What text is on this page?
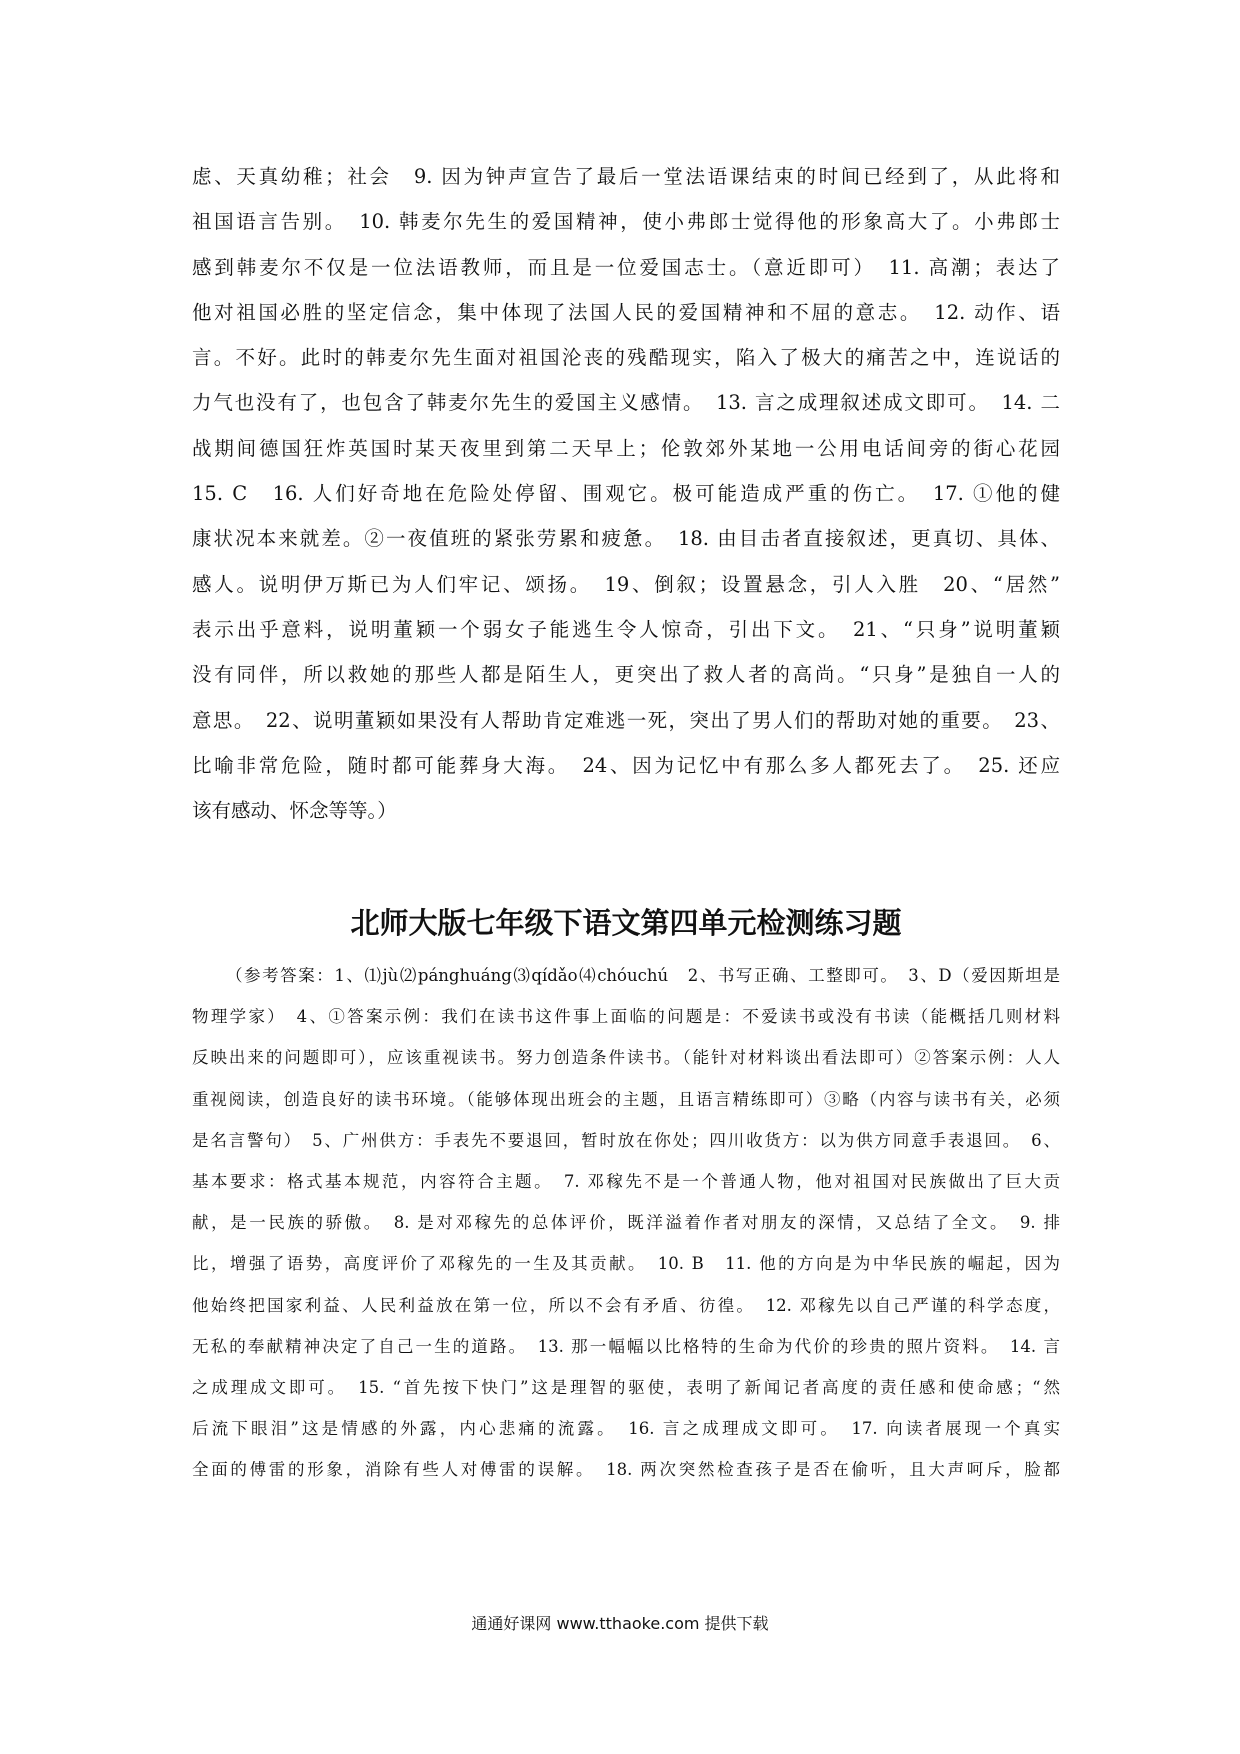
虑、天真幼稚；社会　9. 因为钟声宣告了最后一堂法语课结束的时间已经到了，从此将和
祖国语言告别。　10. 韩麦尔先生的爱国精神，使小弗郎士觉得他的形象高大了。小弗郎士
感到韩麦尔不仅是一位法语教师，而且是一位爱国志士。（意近即可）　11. 高潮；表达了
他对祖国必胜的坚定信念，集中体现了法国人民的爱国精神和不屈的意志。　12. 动作、语
言。不好。此时的韩麦尔先生面对祖国沦丧的残酷现实，陷入了极大的痛苦之中，连说话的
力气也没有了，也包含了韩麦尔先生的爱国主义感情。　13. 言之成理叙述成文即可。　14. 二
战期间德国狂炸英国时某天夜里到第二天早上；伦敦郊外某地一公用电话间旁的街心花园
15. C　16. 人们好奇地在危险处停留、围观它。极可能造成严重的伤亡。　17. ①他的健
康状况本来就差。②一夜值班的紧张劳累和疲惫。　18. 由目击者直接叙述，更真切、具体、
感人。说明伊万斯已为人们牢记、颂扬。　19、倒叙；设置悬念，引人入胜　20、“居然”
表示出乎意料，说明董颖一个弱女子能逃生令人惊奇，引出下文。　21、“只身”说明董颖
没有同伴，所以救她的那些人都是陌生人，更突出了救人者的高尚。“只身”是独自一人的
意思。　22、说明董颖如果没有人帮助肯定难逃一死，突出了男人们的帮助对她的重要。　23、
比喻非常危险，随时都可能葬身大海。　24、因为记忆中有那么多人都死去了。　25. 还应
该有感动、怀念等等。）
北师大版七年级下语文第四单元检测练习题
（参考答案：1、⑴jù⑵pánghuáng⑶qídǎo⑷chóuchú　2、书写正确、工整即可。　3、D（爱因斯坦是
物理学家）　4、①答案示例：我们在读书这件事上面临的问题是：不爱读书或没有书读（能概括几则材料
反映出来的问题即可），应该重视读书。努力创造条件读书。（能针对材料谈出看法即可）②答案示例：人人
重视阅读，创造良好的读书环境。（能够体现出班会的主题，且语言精练即可）③略（内容与读书有关，必须
是名言警句）　5、广州供方：手表先不要退回，暂时放在你处；四川收货方：以为供方同意手表退回。　6、
基本要求：格式基本规范，内容符合主题。　7. 邓稼先不是一个普通人物，他对祖国对民族做出了巨大贡
献，是一民族的骄傲。　8. 是对邓稼先的总体评价，既洋溢着作者对朋友的深情，又总结了全文。　9. 排
比，增强了语势，高度评价了邓稼先的一生及其贡献。　10. B　11. 他的方向是为中华民族的崛起，因为
他始终把国家利益、人民利益放在第一位，所以不会有矛盾、彷徨。　12. 邓稼先以自己严谨的科学态度，
无私的奉献精神决定了自己一生的道路。　13. 那一幅幅以比格特的生命为代价的珍贵的照片资料。　14. 言
之成理成文即可。　15. “首先按下快门”这是理智的驱使，表明了新闻记者高度的责任感和使命感；“然
后流下眼泪”这是情感的外露，内心悲痛的流露。　16. 言之成理成文即可。　17. 向读者展现一个真实
全面的傅雷的形象，消除有些人对傅雷的误解。　18. 两次突然检查孩子是否在偷听，且大声呵斥，脸都
通通好课网 www.tthaoke.com 提供下载
